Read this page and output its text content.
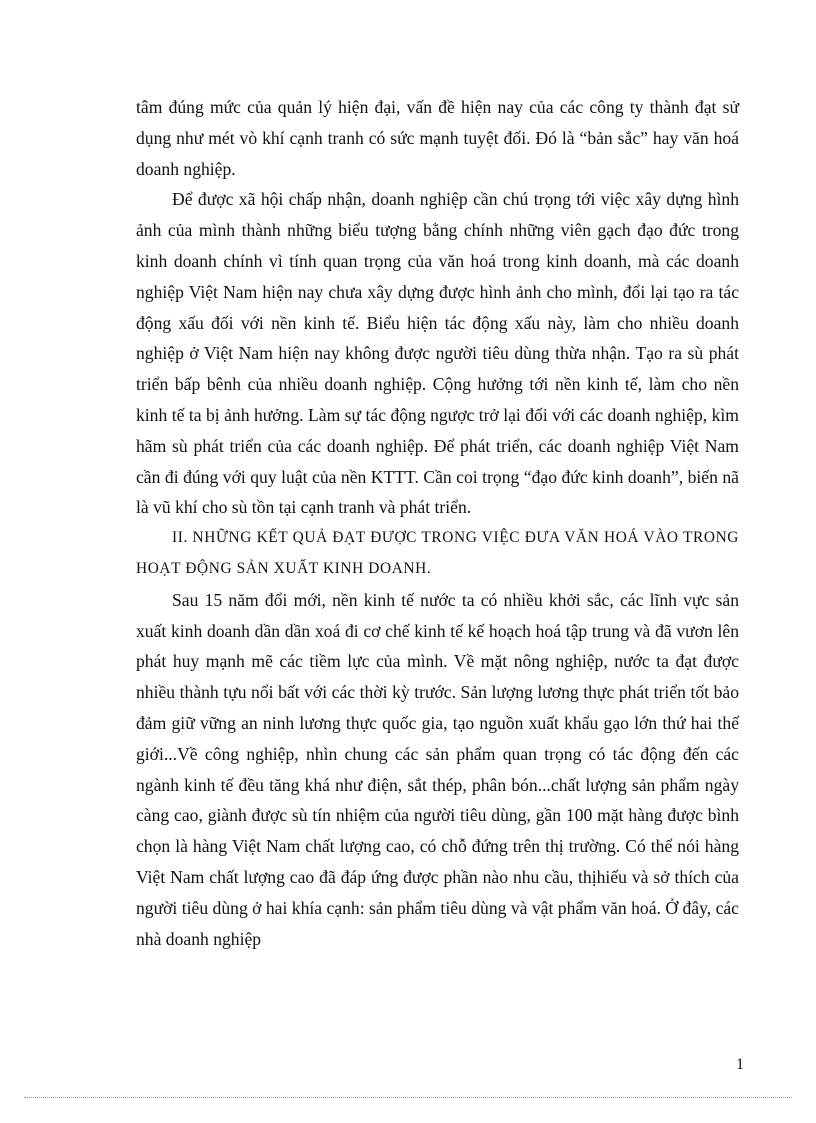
tâm đúng mức của quản lý hiện đại, vấn đề hiện nay của các công ty thành đạt sử dụng như mét vò khí cạnh tranh có sức mạnh tuyệt đối. Đó là “bản sắc” hay văn hoá doanh nghiệp.

Để được xã hội chấp nhận, doanh nghiệp cần chú trọng tới việc xây dựng hình ảnh của mình thành những biểu tượng bằng chính những viên gạch đạo đức trong kinh doanh chính vì tính quan trọng của văn hoá trong kinh doanh, mà các doanh nghiệp Việt Nam hiện nay chưa xây dựng được hình ảnh cho mình, đổi lại tạo ra tác động xấu đối với nền kinh tế. Biểu hiện tác động xấu này, làm cho nhiều doanh nghiệp ở Việt Nam hiện nay không được người tiêu dùng thừa nhận. Tạo ra sù phát triển bấp bênh của nhiều doanh nghiệp. Cộng hưởng tới nền kinh tế, làm cho nền kinh tế ta bị ảnh hưởng. Làm sự tác động ngược trở lại đối với các doanh nghiệp, kìm hãm sù phát triển của các doanh nghiệp. Để phát triển, các doanh nghiệp Việt Nam cần đi đúng với quy luật của nền KTTT. Cần coi trọng “đạo đức kinh doanh”, biến nã là vũ khí cho sù tồn tại cạnh tranh và phát triển.

II. NHỮNG KẾT QUẢ ĐẠT ĐƯỢC TRONG VIỆC ĐƯA VĂN HOÁ VÀO TRONG HOẠT ĐỘNG SẢN XUẤT KINH DOANH.

Sau 15 năm đổi mới, nền kinh tế nước ta có nhiều khởi sắc, các lĩnh vực sản xuất kinh doanh dần dần xoá đi cơ chế kinh tế kế hoạch hoá tập trung và đã vươn lên phát huy mạnh mẽ các tiềm lực của mình. Về mặt nông nghiệp, nước ta đạt được nhiều thành tựu nổi bất với các thời kỳ trước. Sản lượng lương thực phát triển tốt bảo đảm giữ vững an ninh lương thực quốc gia, tạo nguồn xuất khẩu gạo lớn thứ hai thế giới...Về công nghiệp, nhìn chung các sản phẩm quan trọng có tác động đến các ngành kinh tế đều tăng khá như điện, sắt thép, phân bón...chất lượng sản phẩm ngày càng cao, giành được sù tín nhiệm của người tiêu dùng, gần 100 mặt hàng được bình chọn là hàng Việt Nam chất lượng cao, có chỗ đứng trên thị trường. Có thể nói hàng Việt Nam chất lượng cao đã đáp ứng được phần nào nhu cầu, thịhiếu và sở thích của người tiêu dùng ở hai khía cạnh: sản phẩm tiêu dùng và vật phẩm văn hoá. Ở đây, các nhà doanh nghiệp

1
